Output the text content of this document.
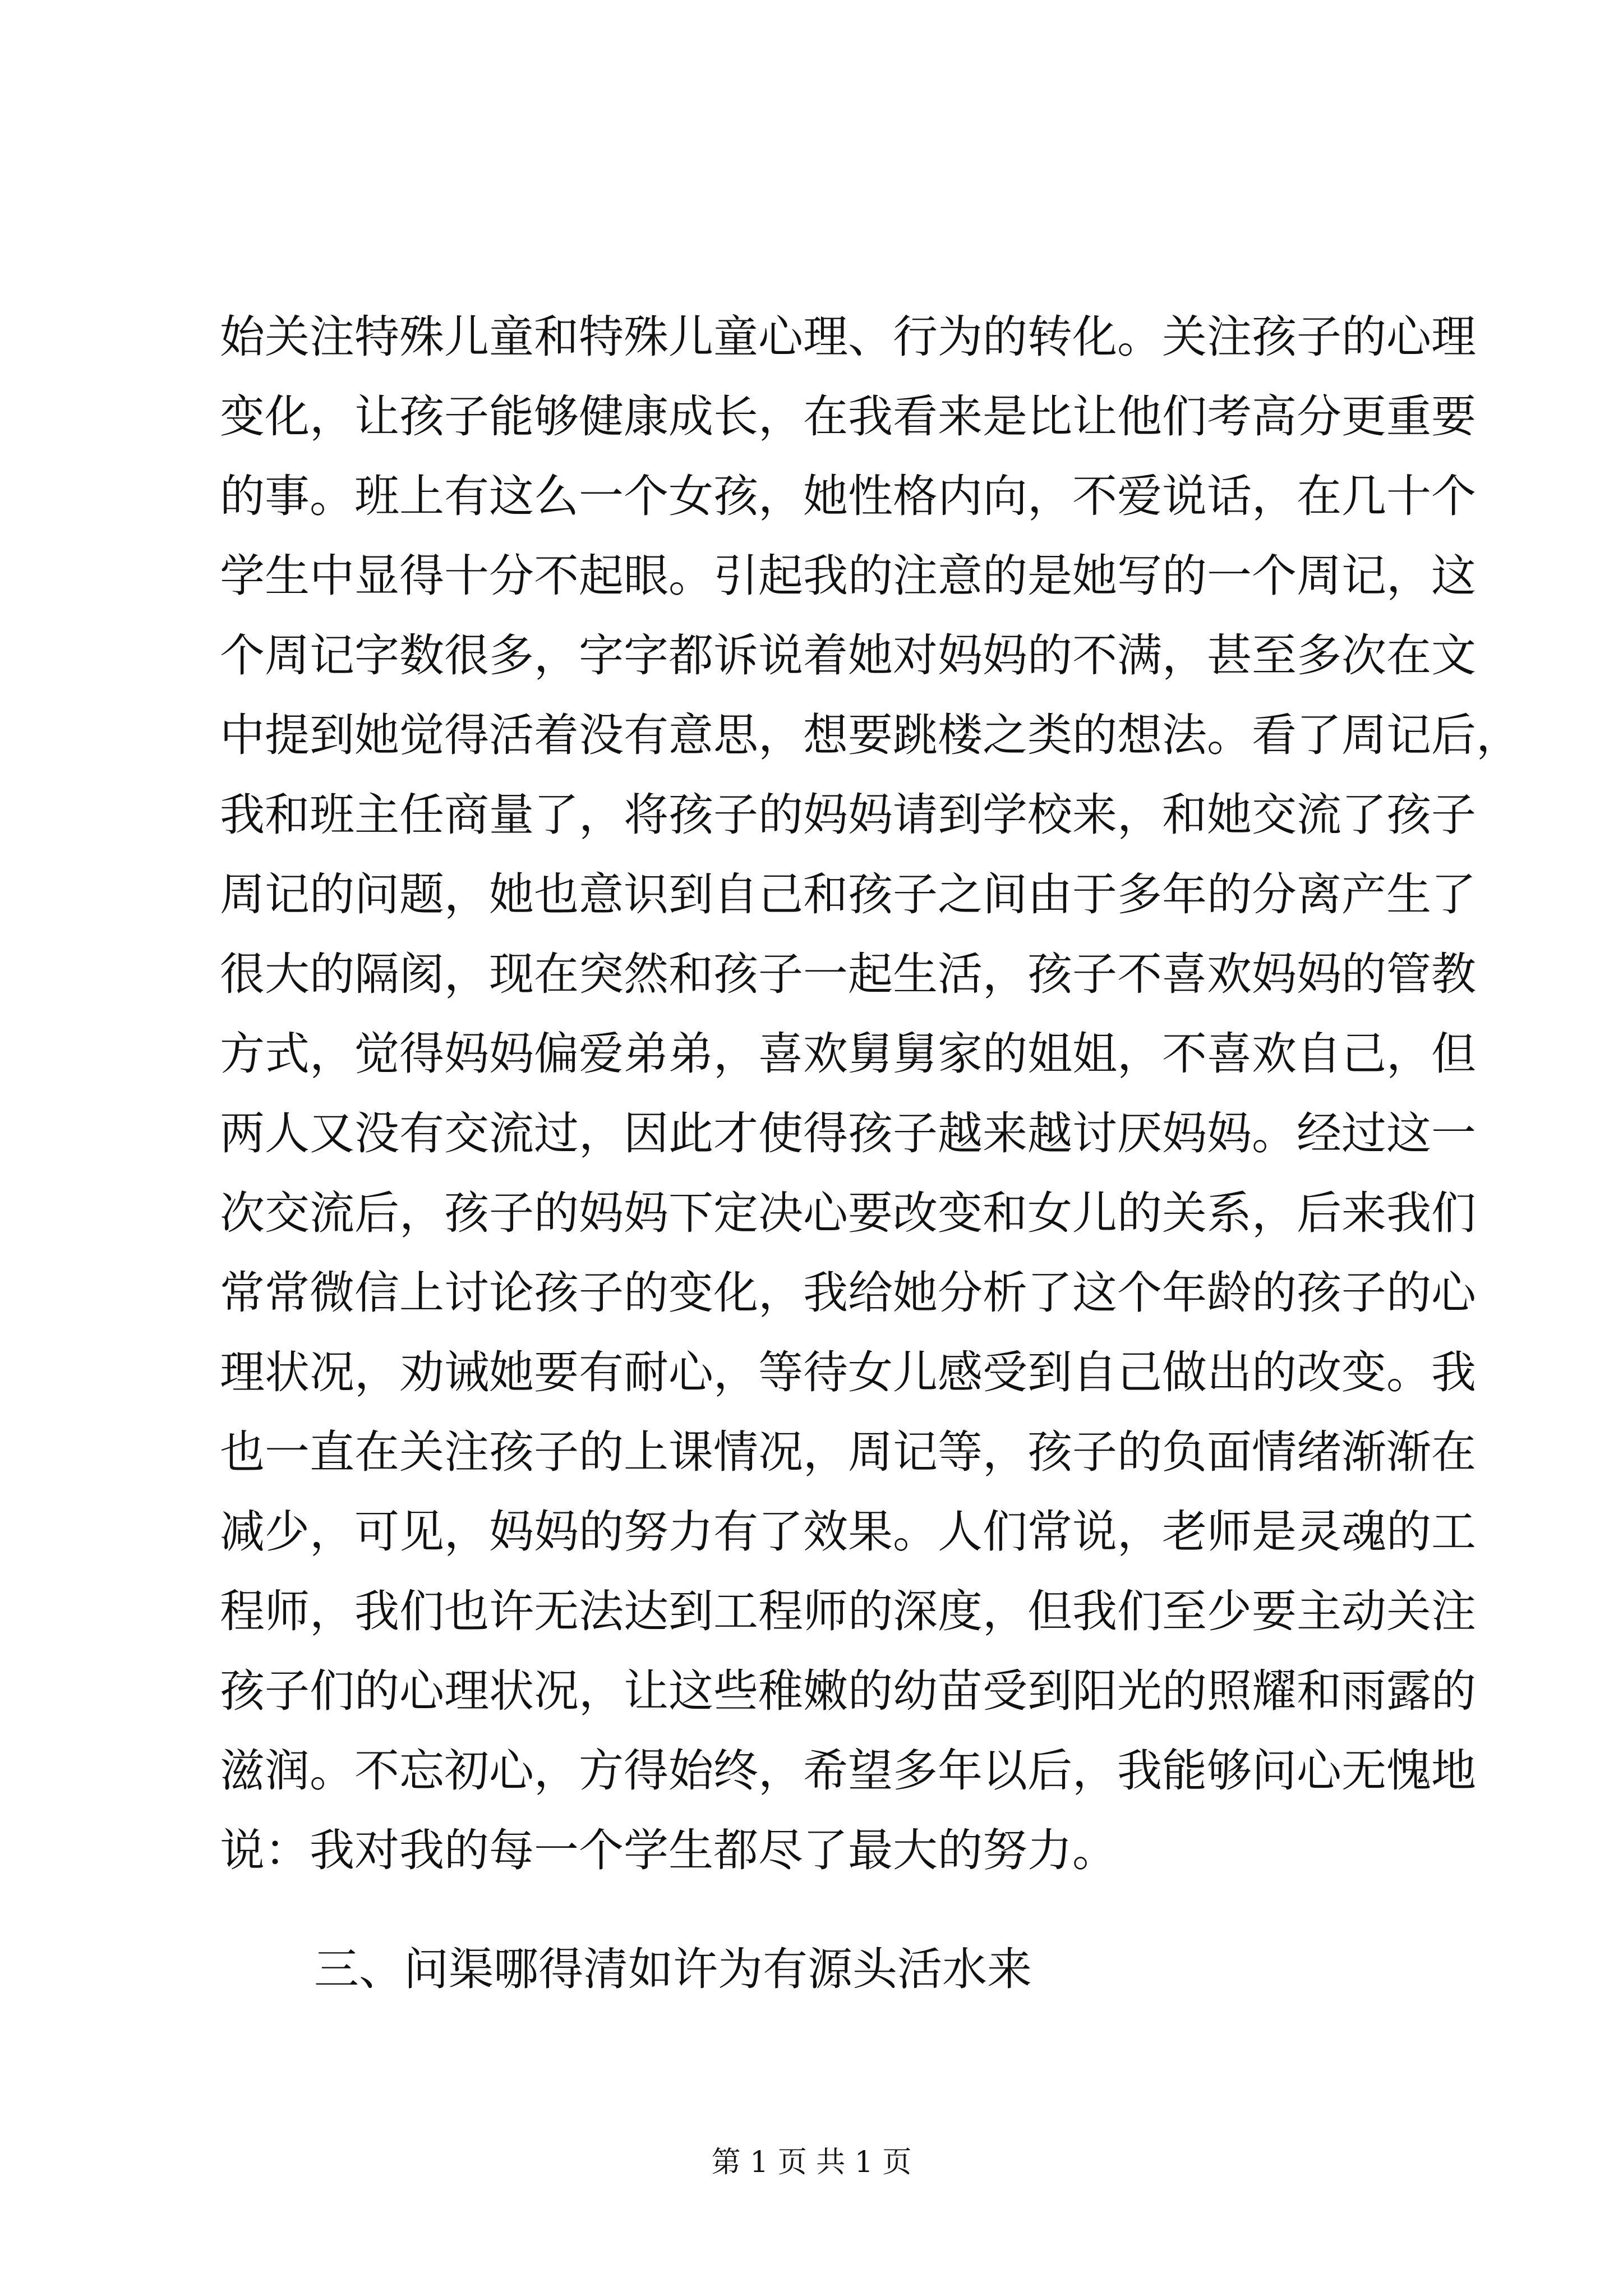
始关注特殊儿童和特殊儿童心理、行为的转化。关注孩子的心理
变化，让孩子能够健康成长，在我看来是比让他们考高分更重要
的事。班上有这么一个女孩，她性格内向，不爱说话，在几十个
学生中显得十分不起眼。引起我的注意的是她写的一个周记，这
个周记字数很多，字字都诉说着她对妈妈的不满，甚至多次在文
中提到她觉得活着没有意思，想要跳楼之类的想法。看了周记后，
我和班主任商量了，将孩子的妈妈请到学校来，和她交流了孩子
周记的问题，她也意识到自己和孩子之间由于多年的分离产生了
很大的隔阂，现在突然和孩子一起生活，孩子不喜欢妈妈的管教
方式，觉得妈妈偏爱弟弟，喜欢舅舅家的姐姐，不喜欢自己，但
两人又没有交流过，因此才使得孩子越来越讨厌妈妈。经过这一
次交流后，孩子的妈妈下定决心要改变和女儿的关系，后来我们
常常微信上讨论孩子的变化，我给她分析了这个年龄的孩子的心
理状况，劝诫她要有耐心，等待女儿感受到自己做出的改变。我
也一直在关注孩子的上课情况，周记等，孩子的负面情绪渐渐在
减少，可见，妈妈的努力有了效果。人们常说，老师是灵魂的工
程师，我们也许无法达到工程师的深度，但我们至少要主动关注
孩子们的心理状况，让这些稚嫩的幼苗受到阳光的照耀和雨露的
滋润。不忘初心，方得始终，希望多年以后，我能够问心无愧地
说：我对我的每一个学生都尽了最大的努力。
三、问渠哪得清如许为有源头活水来
第 1 页 共 1 页
